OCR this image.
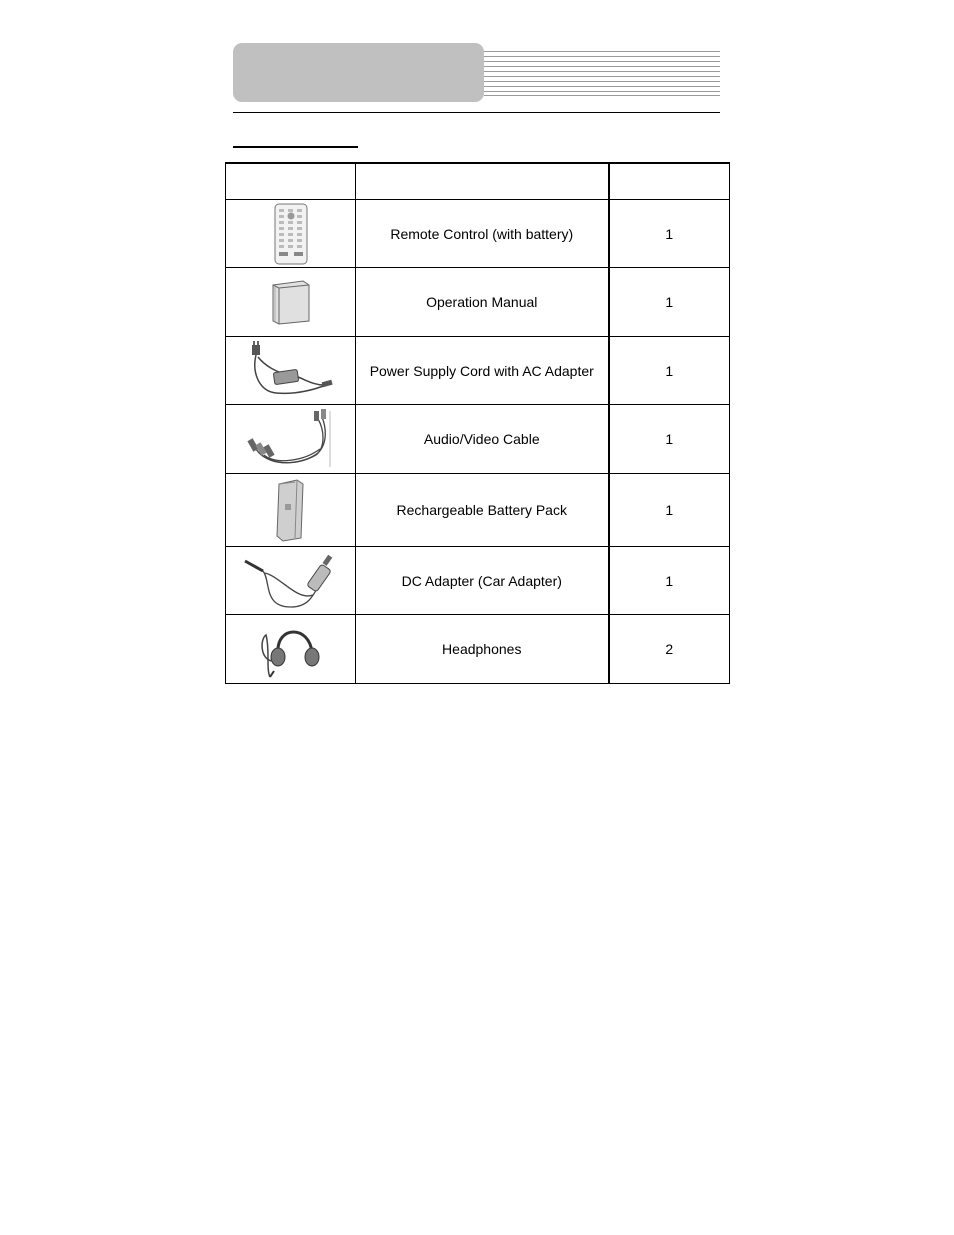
	Remote Control (with battery)	1

	Operation Manual	1

	Power Supply Cord with AC Adapter	1

	Audio/Video Cable	1

	Rechargeable Battery Pack	1

	DC Adapter (Car Adapter)	1

	Headphones	2
